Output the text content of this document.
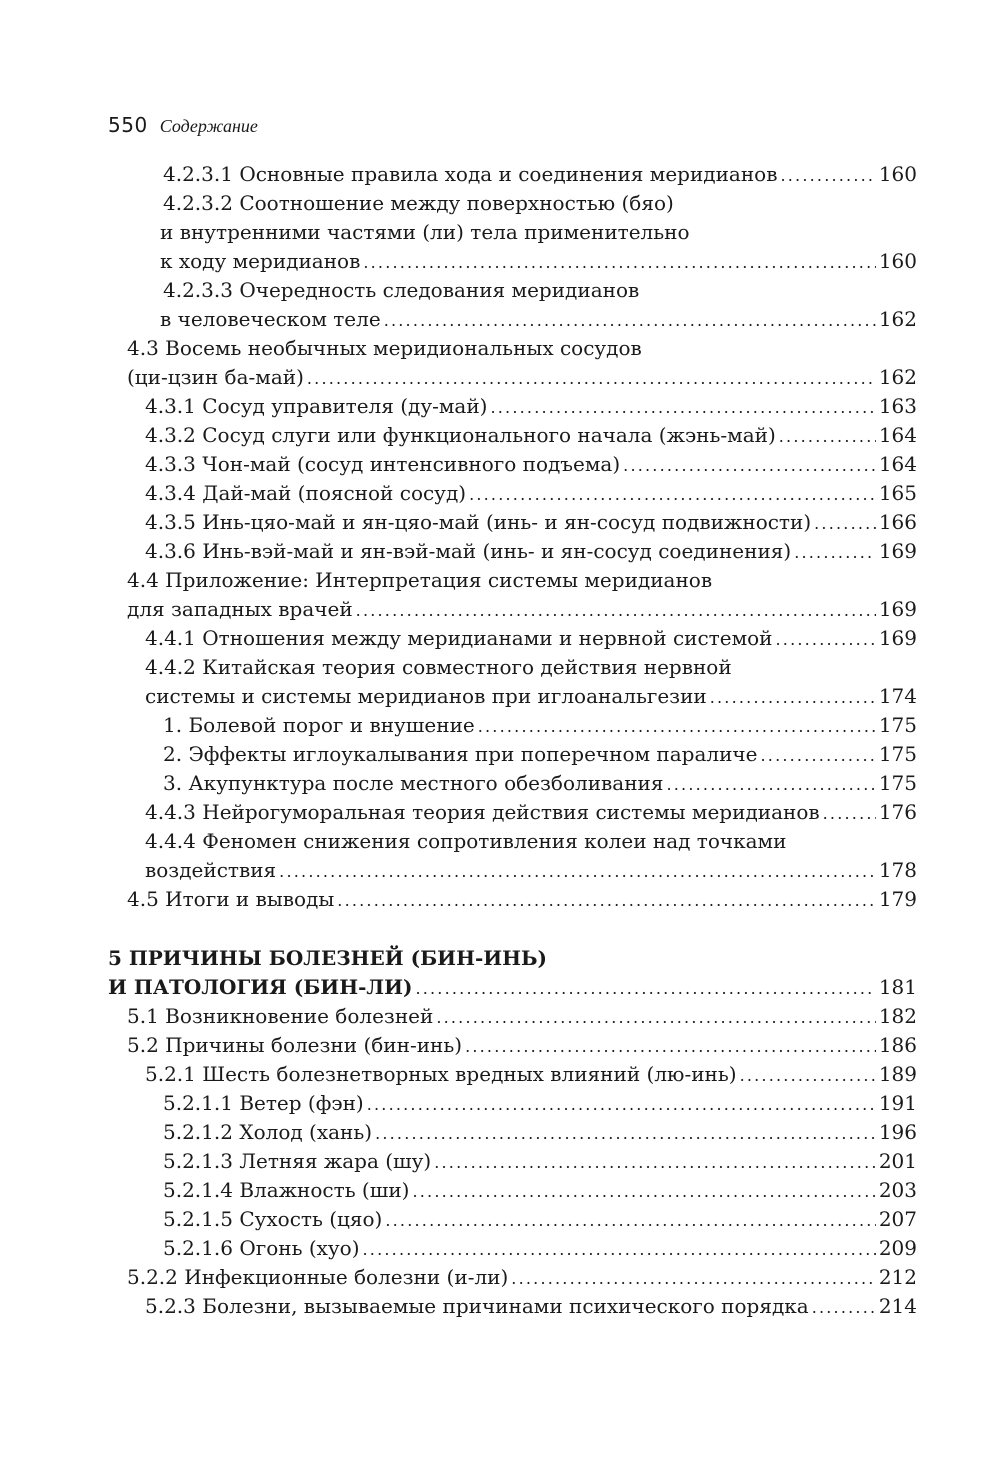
550 Содержание
4.2.3.1 Основные правила хода и соединения меридианов .....	160
4.2.3.2 Соотношение между поверхностью (бяо)
и внутренними частями (ли) тела применительно
к ходу меридианов .....	160
4.2.3.3 Очередность следования меридианов
в человеческом теле .....	162
4.3 Восемь необычных меридиональных сосудов
(ци-цзин ба-май) .....	162
4.3.1 Сосуд управителя (ду-май) .....	163
4.3.2 Сосуд слуги или функционального начала (жэнь-май) .....	164
4.3.3 Чон-май (сосуд интенсивного подъема) .....	164
4.3.4 Дай-май (поясной сосуд) .....	165
4.3.5 Инь-цяо-май и ян-цяо-май (инь- и ян-сосуд подвижности) .....	166
4.3.6 Инь-вэй-май и ян-вэй-май (инь- и ян-сосуд соединения) .....	169
4.4 Приложение: Интерпретация системы меридианов
для западных врачей .....	169
4.4.1 Отношения между меридианами и нервной системой .....	169
4.4.2 Китайская теория совместного действия нервной
системы и системы меридианов при иглоанальгезии .....	174
1. Болевой порог и внушение .....	175
2. Эффекты иглоукалывания при поперечном параличе .....	175
3. Акупунктура после местного обезболивания .....	175
4.4.3 Нейрогуморальная теория действия системы меридианов .....	176
4.4.4 Феномен снижения сопротивления колеи над точками
воздействия .....	178
4.5 Итоги и выводы .....	179
5 ПРИЧИНЫ БОЛЕЗНЕЙ (БИН-ИНЬ)
И ПАТОЛОГИЯ (БИН-ЛИ) .....	181
5.1 Возникновение болезней .....	182
5.2 Причины болезни (бин-инь) .....	186
5.2.1 Шесть болезнетворных вредных влияний (лю-инь) .....	189
5.2.1.1 Ветер (фэн) .....	191
5.2.1.2 Холод (хань) .....	196
5.2.1.3 Летняя жара (шу) .....	201
5.2.1.4 Влажность (ши) .....	203
5.2.1.5 Сухость (цяо) .....	207
5.2.1.6 Огонь (хуо) .....	209
5.2.2 Инфекционные болезни (и-ли) .....	212
5.2.3 Болезни, вызываемые причинами психического порядка .....	214
